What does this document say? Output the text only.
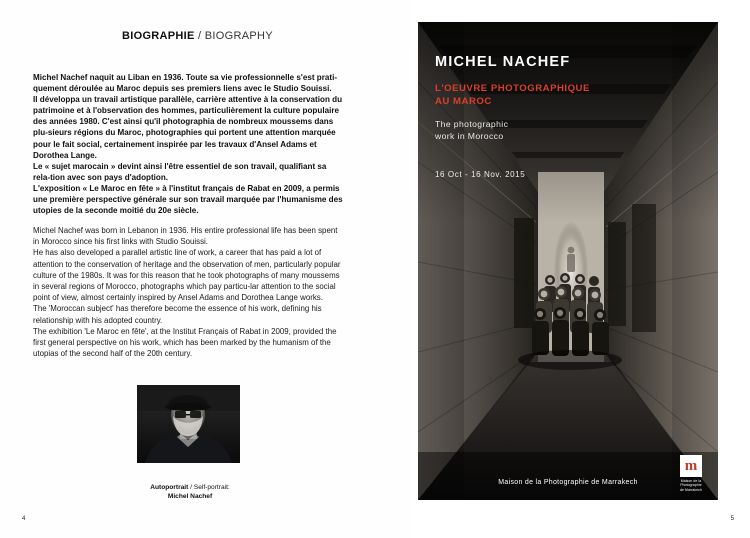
BIOGRAPHIE / BIOGRAPHY

Michel Nachef naquit au Liban en 1936. Toute sa vie professionnelle s'est prati-quement déroulée au Maroc depuis ses premiers liens avec le Studio Souissi.

Il développa un travail artistique parallèle, carrière attentive à la conservation du patrimoine et à l'observation des hommes, particulièrement la culture populaire des années 1980. C'est ainsi qu'il photographia de nombreux moussems dans plu-sieurs régions du Maroc, photographies qui portent une attention marquée pour le fait social, certainement inspirée par les travaux d'Ansel Adams et Dorothea Lange.

Le « sujet marocain » devint ainsi l'être essentiel de son travail, qualifiant sa rela-tion avec son pays d'adoption.

L'exposition « Le Maroc en fête » à l'institut français de Rabat en 2009, a permis une première perspective générale sur son travail marquée par l'humanisme des utopies de la seconde moitié du 20e siècle.

Michel Nachef was born in Lebanon in 1936. His entire professional life has been spent in Morocco since his first links with Studio Souissi.

He has also developed a parallel artistic line of work, a career that has paid a lot of attention to the conservation of heritage and the observation of men, particularly popular culture of the 1980s. It was for this reason that he took photographs of many moussems in several regions of Morocco, photographs which pay particu-lar attention to the social point of view, almost certainly inspired by Ansel Adams and Dorothea Lange works.

The 'Moroccan subject' has therefore become the essence of his work, defining his relationship with his adopted country.

The exhibition 'Le Maroc en fête', at the Institut Français of Rabat in 2009, provided the first general perspective on his work, which has been marked by the humanism of the utopias of the second half of the 20th century.

Autoportrait / Self-portrait:
Michel Nachef
4
MICHEL NACHEF
L'OEUVRE PHOTOGRAPHIQUE
AU MAROC
The photographic
work in Morocco
16 Oct - 16 Nov. 2015
Maison de la Photographie de Marrakech
m
Maison de la
Photographie
de Marrakech
5
